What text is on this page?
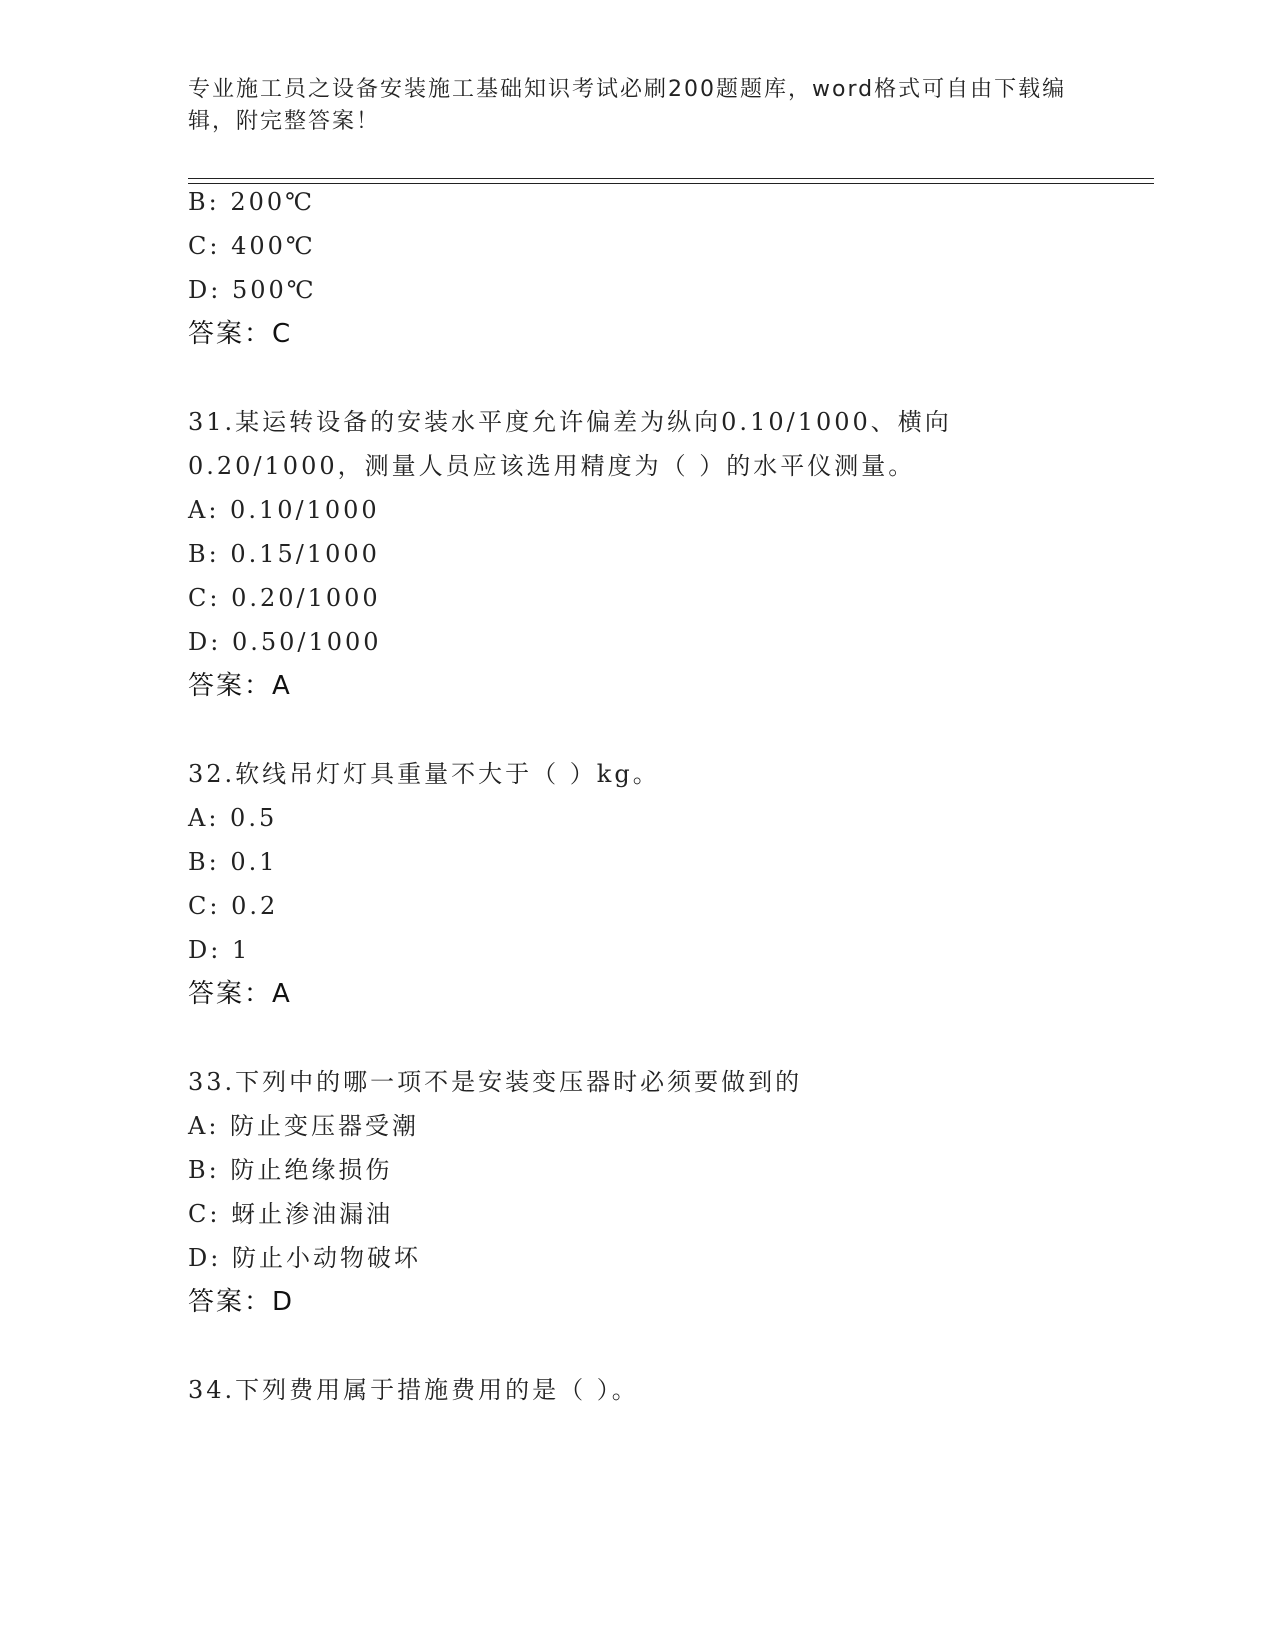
专业施工员之设备安装施工基础知识考试必刷200题题库，word格式可自由下载编辑，附完整答案！
B: 200℃
C: 400℃
D: 500℃
答案：C
31.某运转设备的安装水平度允许偏差为纵向0.10/1000、横向
0.20/1000，测量人员应该选用精度为（ ）的水平仪测量。
A: 0.10/1000
B: 0.15/1000
C: 0.20/1000
D: 0.50/1000
答案：A
32.软线吊灯灯具重量不大于（ ）kg。
A: 0.5
B: 0.1
C: 0.2
D: 1
答案：A
33.下列中的哪一项不是安装变压器时必须要做到的
A: 防止变压器受潮
B: 防止绝缘损伤
C: 蚜止渗油漏油
D: 防止小动物破坏
答案：D
34.下列费用属于措施费用的是（ ）。
